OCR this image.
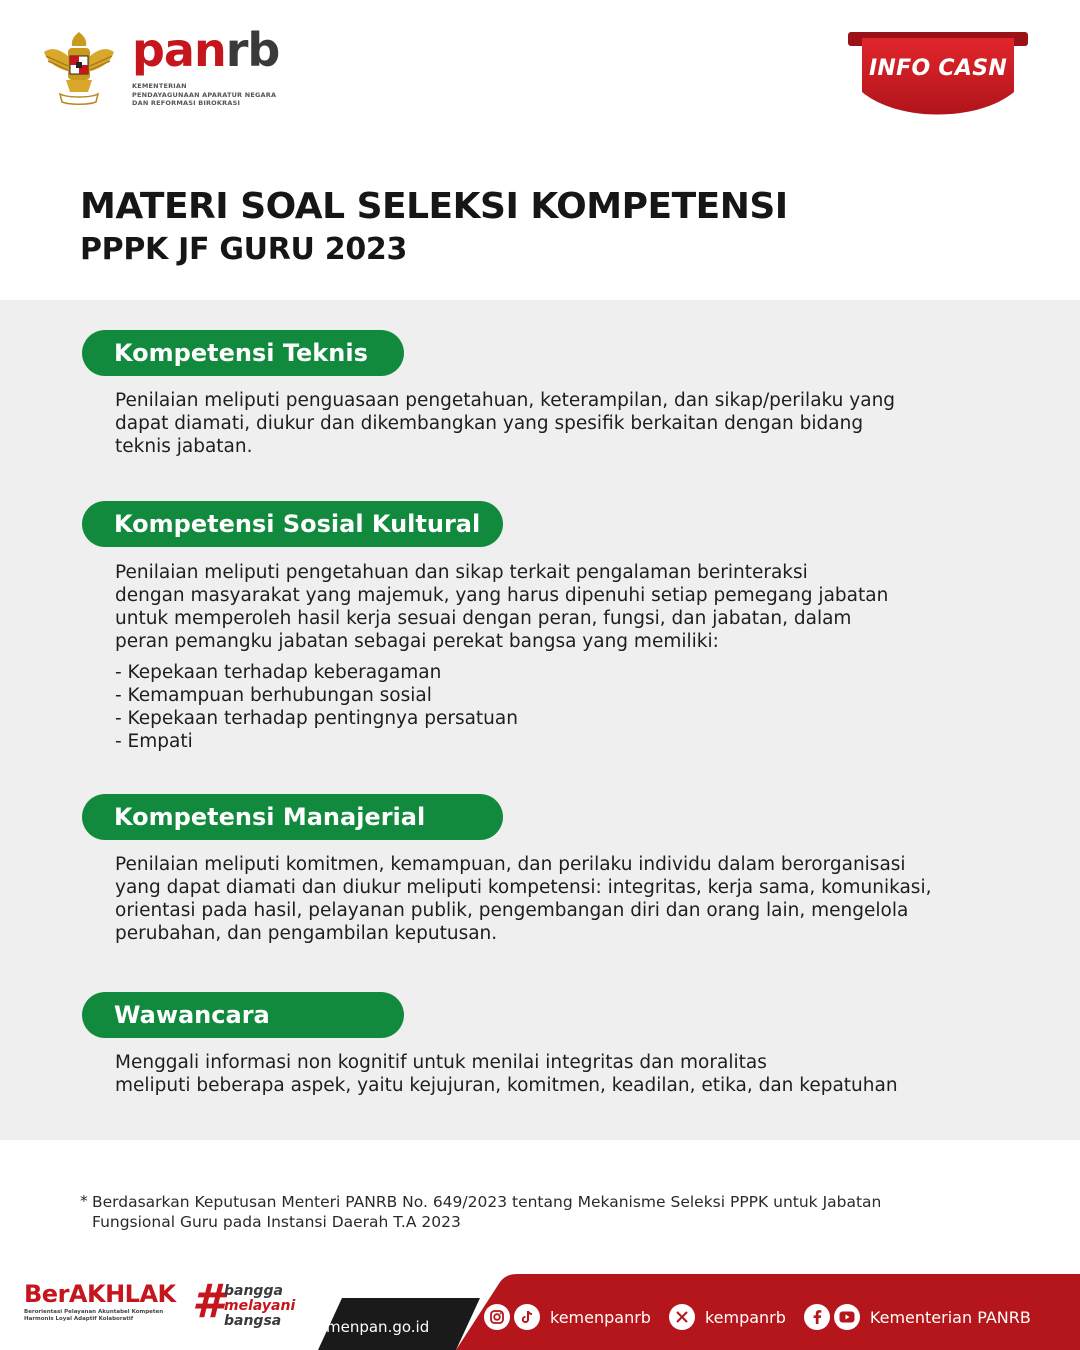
panrb
KEMENTERIAN
PENDAYAGUNAAN APARATUR NEGARA
DAN REFORMASI BIROKRASI
INFO CASN
MATERI SOAL SELEKSI KOMPETENSI
PPPK JF GURU 2023
Kompetensi Teknis

Penilaian meliputi penguasaan pengetahuan, keterampilan, dan sikap/perilaku yang

dapat diamati, diukur dan dikembangkan yang spesifik berkaitan dengan bidang

teknis jabatan.

Kompetensi Sosial Kultural

Penilaian meliputi pengetahuan dan sikap terkait pengalaman berinteraksi

dengan masyarakat yang majemuk, yang harus dipenuhi setiap pemegang jabatan

untuk memperoleh hasil kerja sesuai dengan peran, fungsi, dan jabatan, dalam

peran pemangku jabatan sebagai perekat bangsa yang memiliki:

- Kepekaan terhadap keberagaman
- Kemampuan berhubungan sosial
- Kepekaan terhadap pentingnya persatuan
- Empati
Kompetensi Manajerial

Penilaian meliputi komitmen, kemampuan, dan perilaku individu dalam berorganisasi

yang dapat diamati dan diukur meliputi kompetensi: integritas, kerja sama, komunikasi,

orientasi pada hasil, pelayanan publik, pengembangan diri dan orang lain, mengelola

perubahan, dan pengambilan keputusan.

Wawancara

Menggali informasi non kognitif untuk menilai integritas dan moralitas

meliputi beberapa aspek, yaitu kejujuran, komitmen, keadilan, etika, dan kepatuhan

* Berdasarkan Keputusan Menteri PANRB No. 649/2023 tentang Mekanisme Seleksi PPPK untuk Jabatan
Fungsional Guru pada Instansi Daerah T.A 2023
BerAKHLAK
Berorientasi Pelayanan Akuntabel Kompeten
Harmonis Loyal Adaptif Kolaboratif	# bangga
melayani
bangsa	menpan.go.id
kemenpanrb	kempanrb	Kementerian PANRB
